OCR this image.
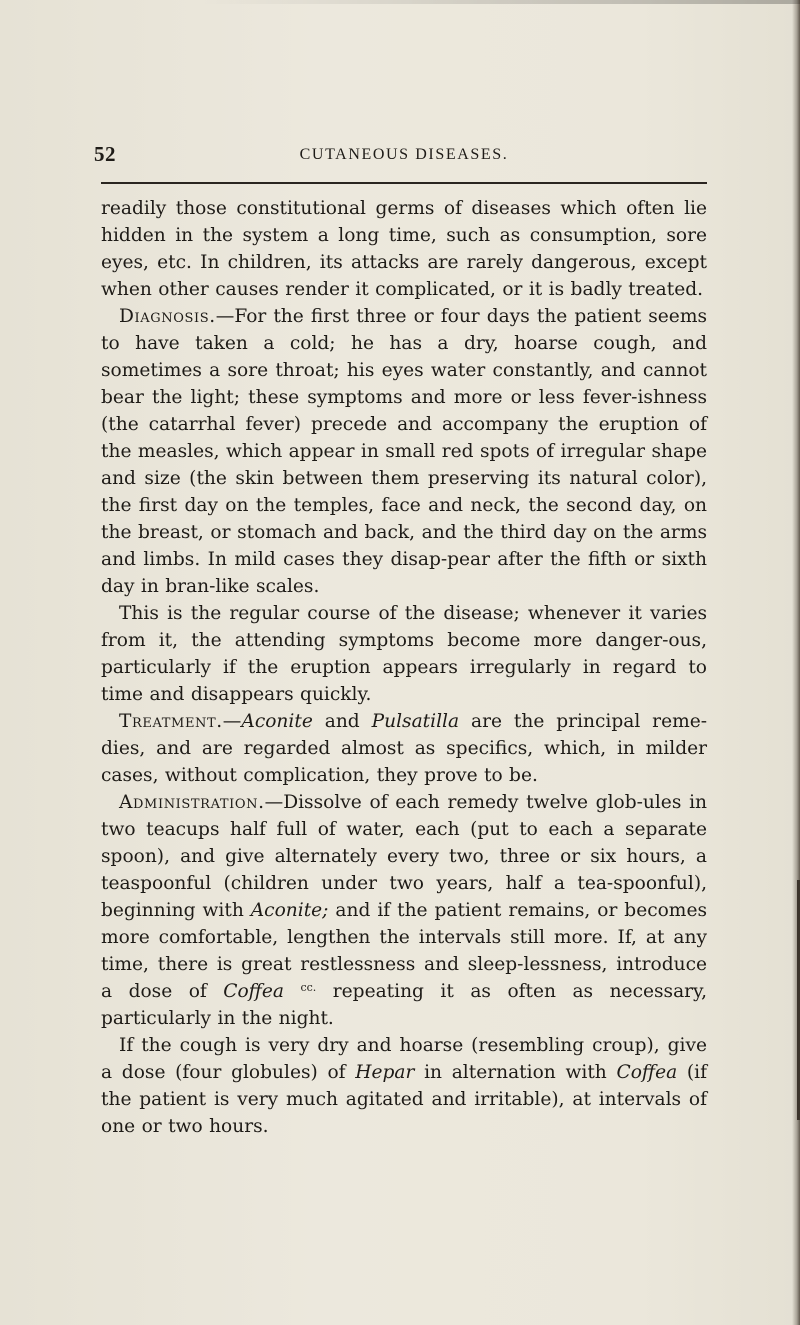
52	CUTANEOUS DISEASES.

readily those constitutional germs of diseases which often lie hidden in the system a long time, such as consumption, sore eyes, etc. In children, its attacks are rarely dangerous, except when other causes render it complicated, or it is badly treated.

Diagnosis.—For the first three or four days the patient seems to have taken a cold; he has a dry, hoarse cough, and sometimes a sore throat; his eyes water constantly, and cannot bear the light; these symptoms and more or less fever-ishness (the catarrhal fever) precede and accompany the eruption of the measles, which appear in small red spots of irregular shape and size (the skin between them preserving its natural color), the first day on the temples, face and neck, the second day, on the breast, or stomach and back, and the third day on the arms and limbs. In mild cases they disap-pear after the fifth or sixth day in bran-like scales.

This is the regular course of the disease; whenever it varies from it, the attending symptoms become more danger-ous, particularly if the eruption appears irregularly in regard to time and disappears quickly.

Treatment.—Aconite and Pulsatilla are the principal reme-dies, and are regarded almost as specifics, which, in milder cases, without complication, they prove to be.

Administration.—Dissolve of each remedy twelve glob-ules in two teacups half full of water, each (put to each a separate spoon), and give alternately every two, three or six hours, a teaspoonful (children under two years, half a tea-spoonful), beginning with Aconite; and if the patient remains, or becomes more comfortable, lengthen the intervals still more. If, at any time, there is great restlessness and sleep-lessness, introduce a dose of Coffea $^{cc.}$ repeating it as often as necessary, particularly in the night.

If the cough is very dry and hoarse (resembling croup), give a dose (four globules) of Hepar in alternation with Coffea (if the patient is very much agitated and irritable), at intervals of one or two hours.
